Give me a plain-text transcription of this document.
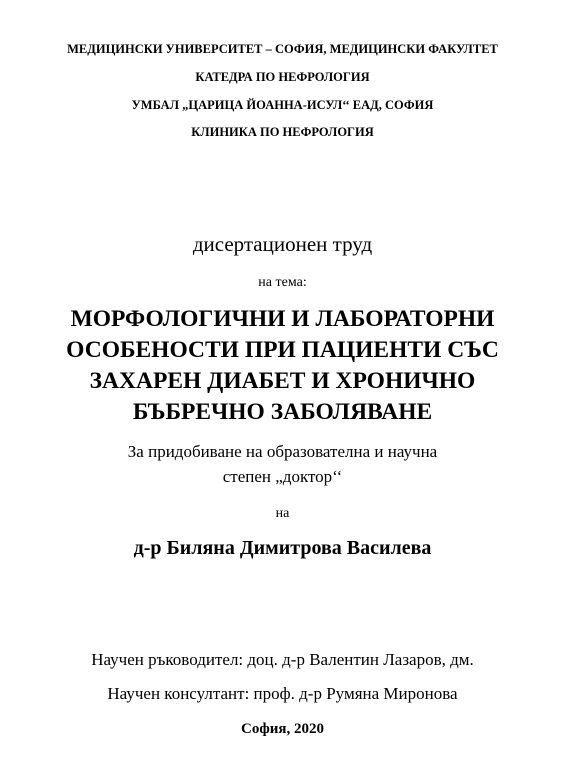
МЕДИЦИНСКИ УНИВЕРСИТЕТ – СОФИЯ, МЕДИЦИНСКИ ФАКУЛТЕТ
КАТЕДРА ПО НЕФРОЛОГИЯ
УМБАЛ „ЦАРИЦА ЙОАННА-ИСУЛ‘‘ ЕАД, СОФИЯ
КЛИНИКА ПО НЕФРОЛОГИЯ
дисертационен труд
на тема:
МОРФОЛОГИЧНИ И ЛАБОРАТОРНИ
ОСОБЕНОСТИ ПРИ ПАЦИЕНТИ СЪС
ЗАХАРЕН ДИАБЕТ И ХРОНИЧНО
БЪБРЕЧНО ЗАБОЛЯВАНЕ
За придобиване на образователна и научна
степен „доктор‘‘
на
д-р Биляна Димитрова Василева
Научен ръководител: доц. д-р Валентин Лазаров, дм.
Научен консултант: проф. д-р Румяна Миронова
София, 2020
